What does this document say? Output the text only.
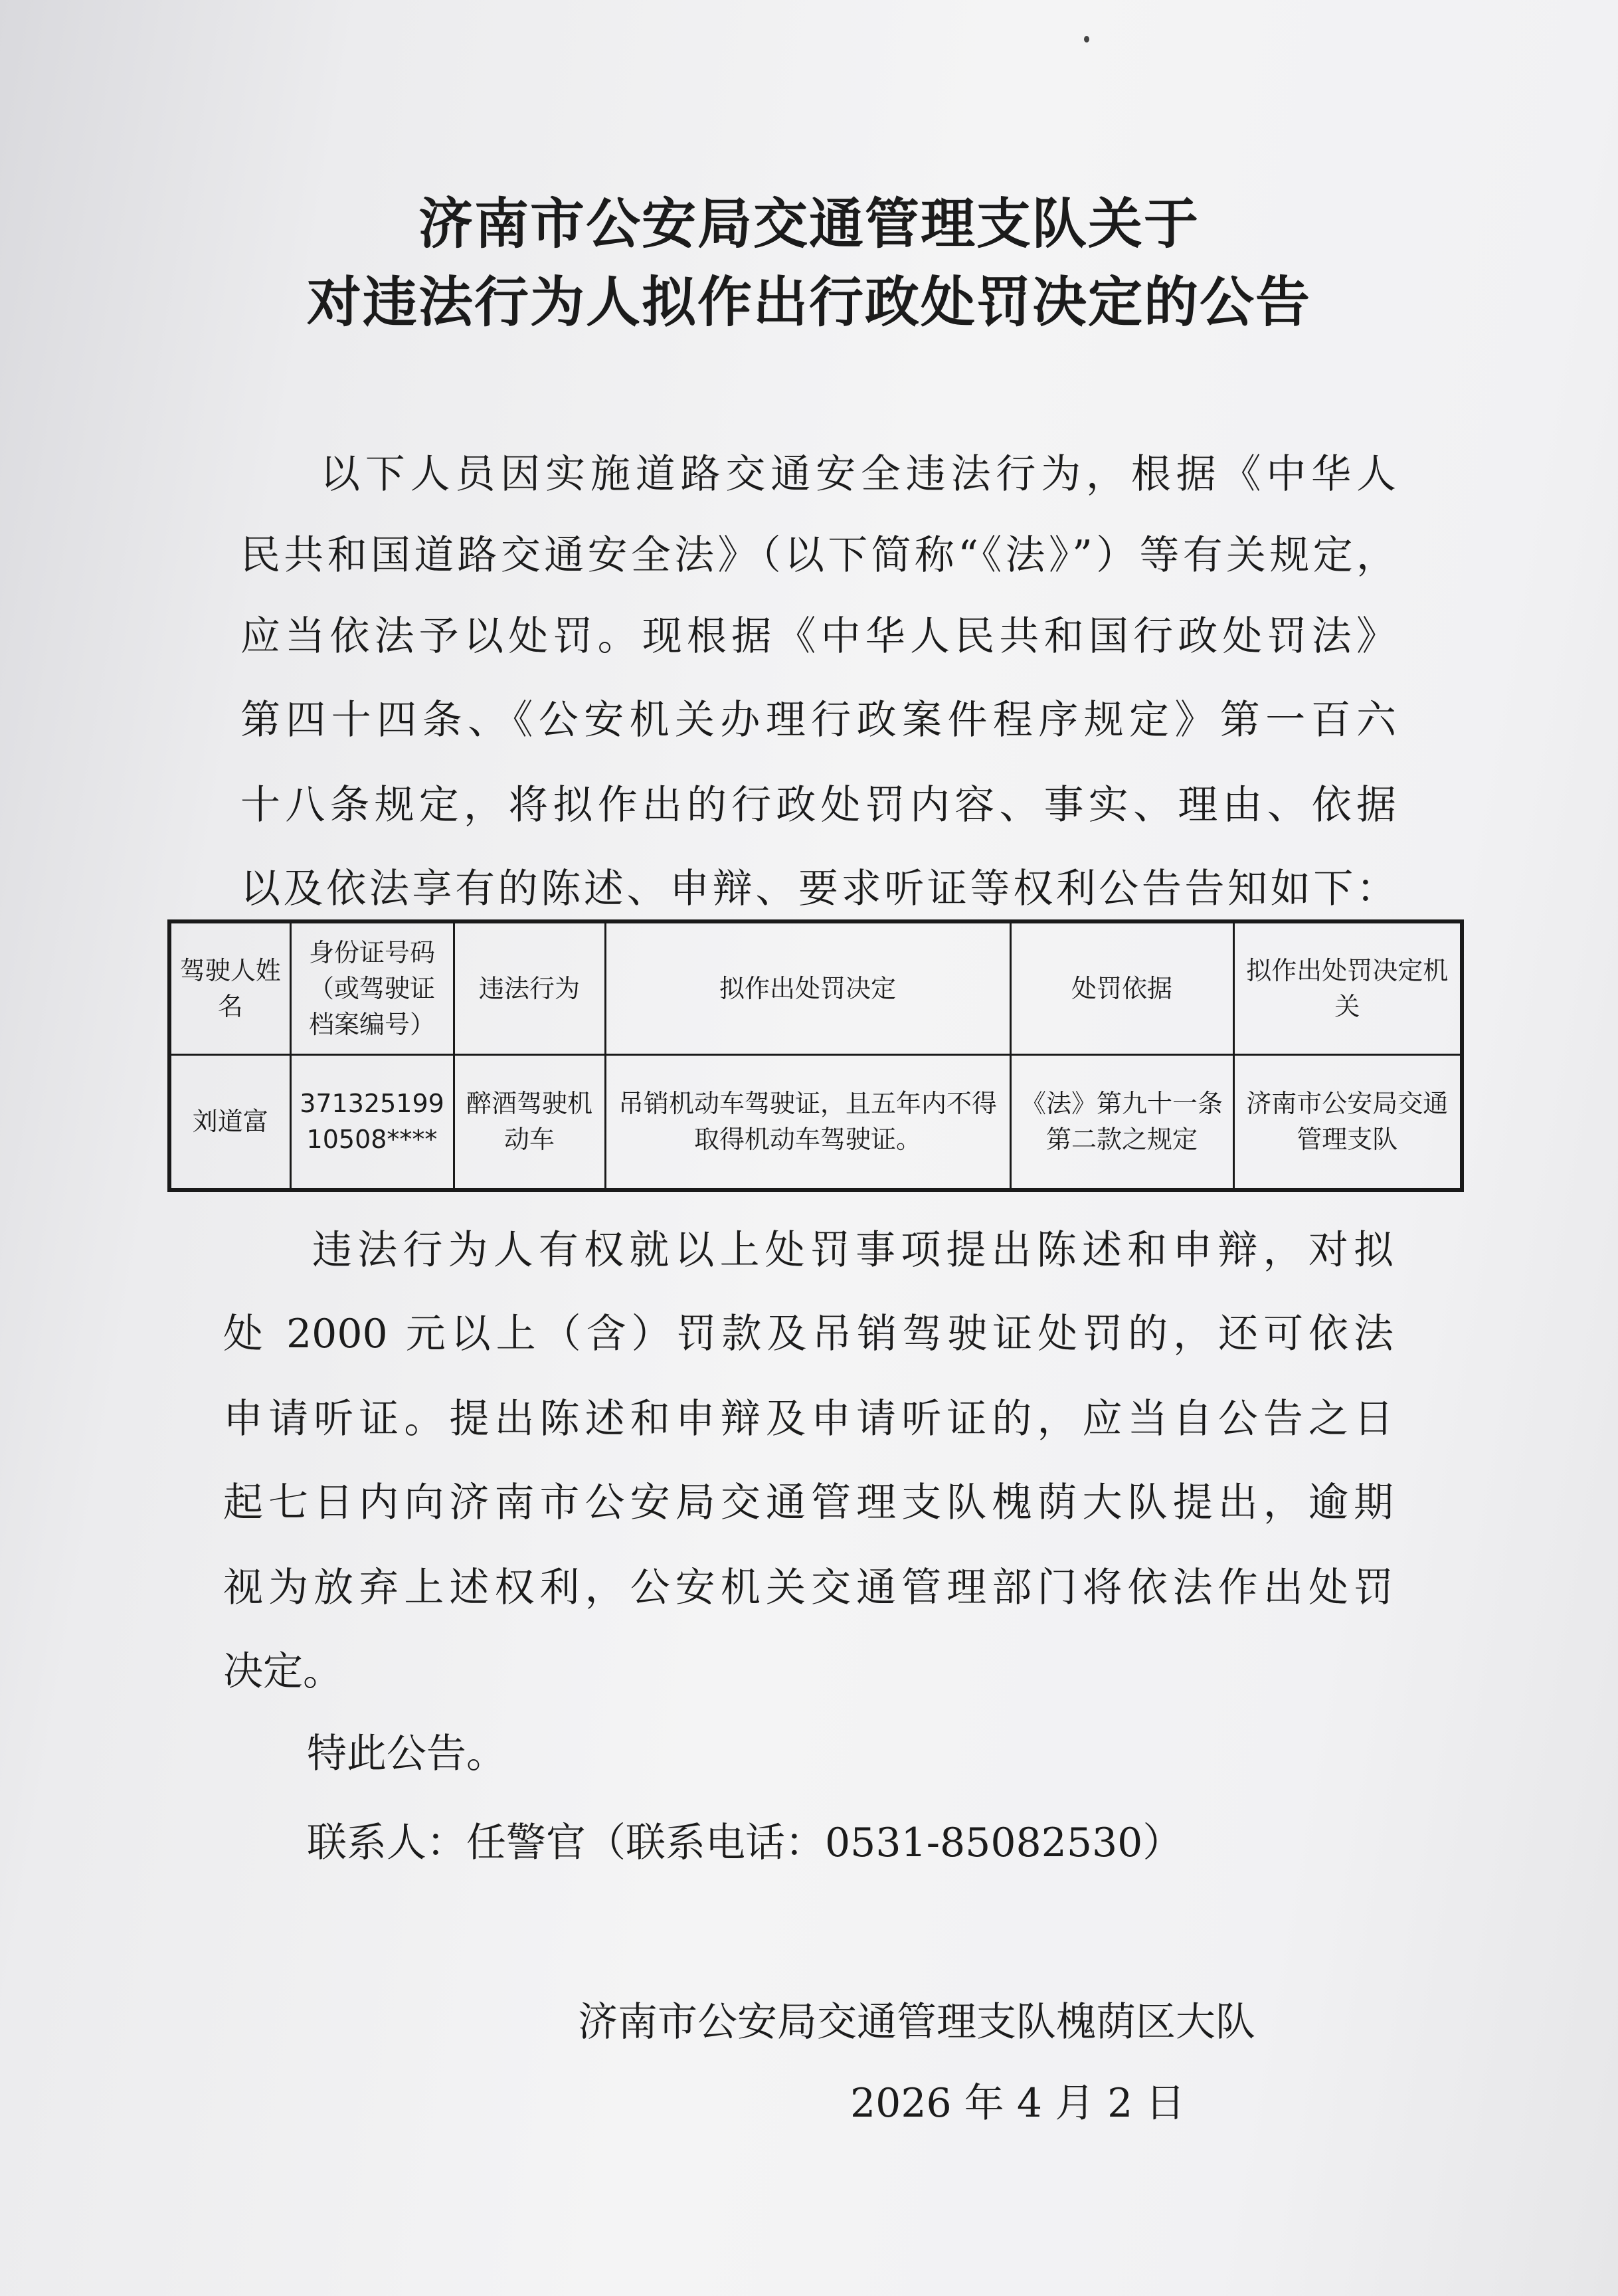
济南市公安局交通管理支队关于
对违法行为人拟作出行政处罚决定的公告
以下人员因实施道路交通安全违法行为，根据《中华人
民共和国道路交通安全法》（以下简称“《法》”）等有关规定，
应当依法予以处罚。现根据《中华人民共和国行政处罚法》
第四十四条、《公安机关办理行政案件程序规定》第一百六
十八条规定，将拟作出的行政处罚内容、事实、理由、依据
以及依法享有的陈述、申辩、要求听证等权利公告告知如下：
驾驶人姓名	身份证号码（或驾驶证档案编号）	违法行为	拟作出处罚决定	处罚依据	拟作出处罚决定机关
刘道富	37132519910508****	醉酒驾驶机动车	吊销机动车驾驶证，且五年内不得取得机动车驾驶证。	《法》第九十一条第二款之规定	济南市公安局交通管理支队
违法行为人有权就以上处罚事项提出陈述和申辩，对拟
处 2000 元以上（含）罚款及吊销驾驶证处罚的，还可依法
申请听证。提出陈述和申辩及申请听证的，应当自公告之日
起七日内向济南市公安局交通管理支队槐荫大队提出，逾期
视为放弃上述权利，公安机关交通管理部门将依法作出处罚
决定。
特此公告。
联系人：任警官（联系电话：0531-85082530）
济南市公安局交通管理支队槐荫区大队
2026 年 4 月 2 日
